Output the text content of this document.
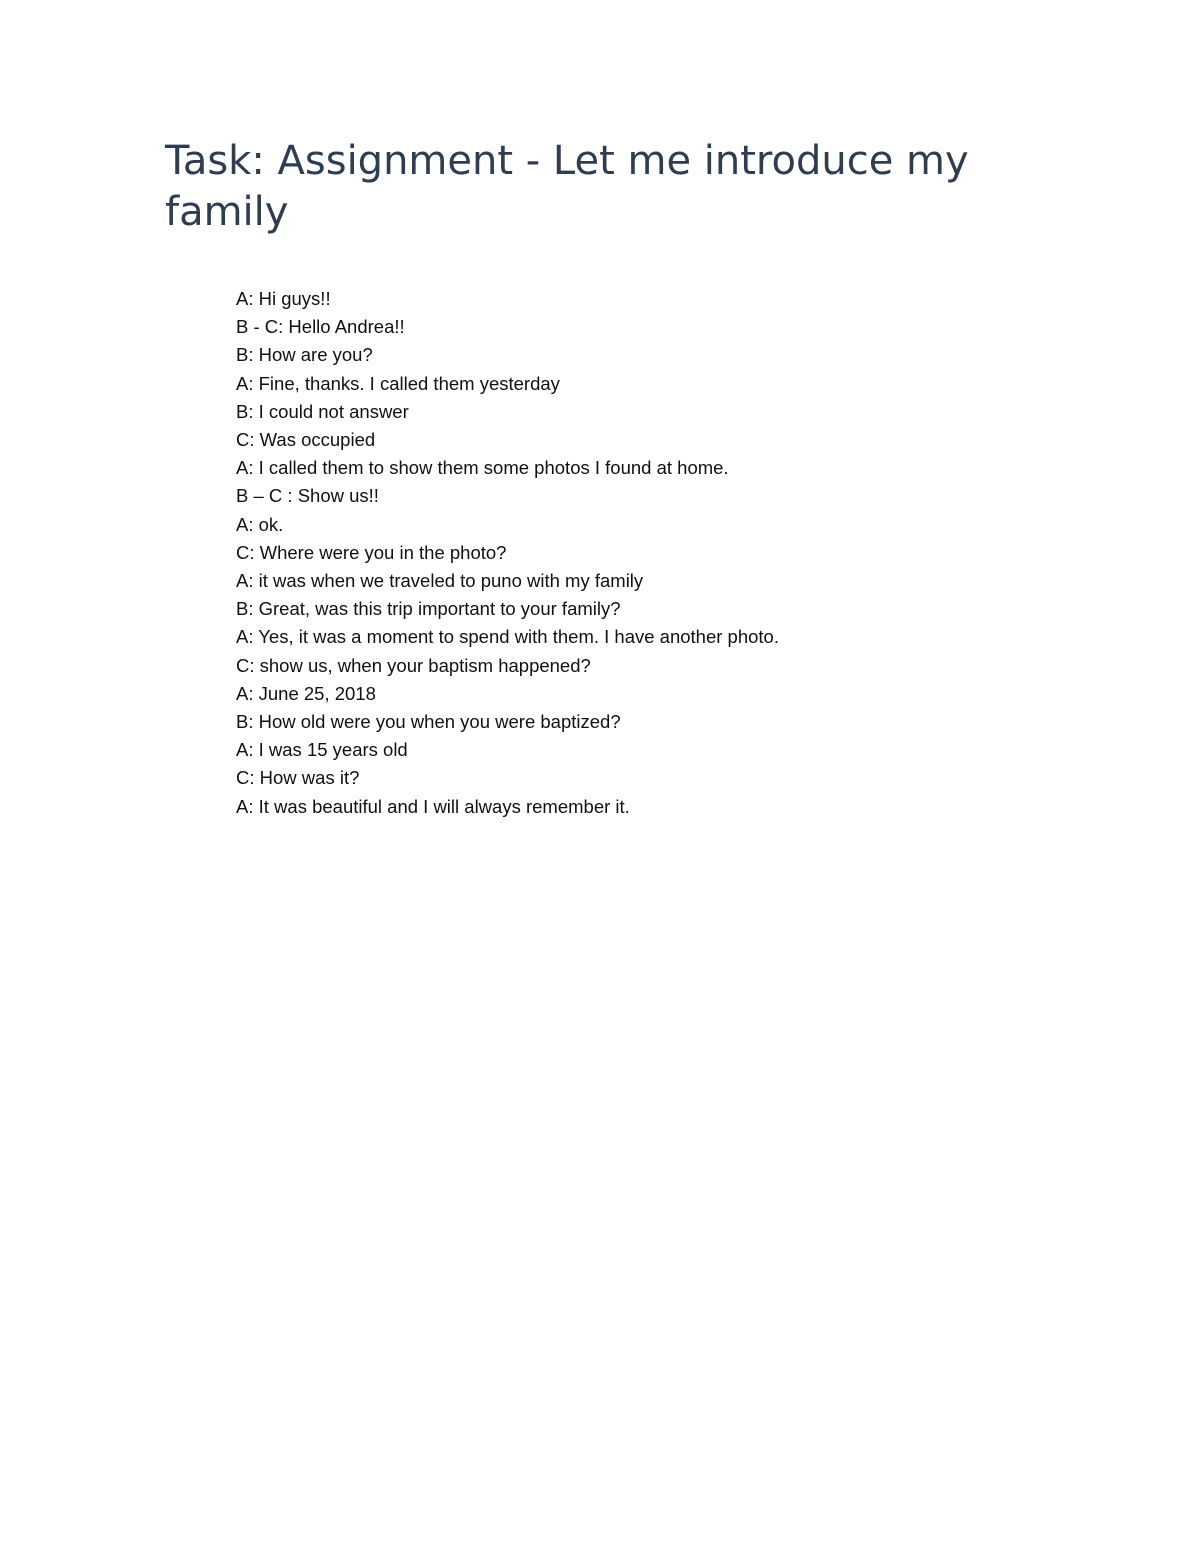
Task: Assignment - Let me introduce my family
A: Hi guys!!
B - C: Hello Andrea!!
B: How are you?
A: Fine, thanks. I called them yesterday
B: I could not answer
C: Was occupied
A: I called them to show them some photos I found at home.
B – C : Show us!!
A: ok.
C: Where were you in the photo?
A: it was when we traveled to puno with my family
B: Great, was this trip important to your family?
A: Yes, it was a moment to spend with them. I have another photo.
C: show us, when your baptism happened?
A: June 25, 2018
B: How old were you when you were baptized?
A: I was 15 years old
C: How was it?
A: It was beautiful and I will always remember it.
